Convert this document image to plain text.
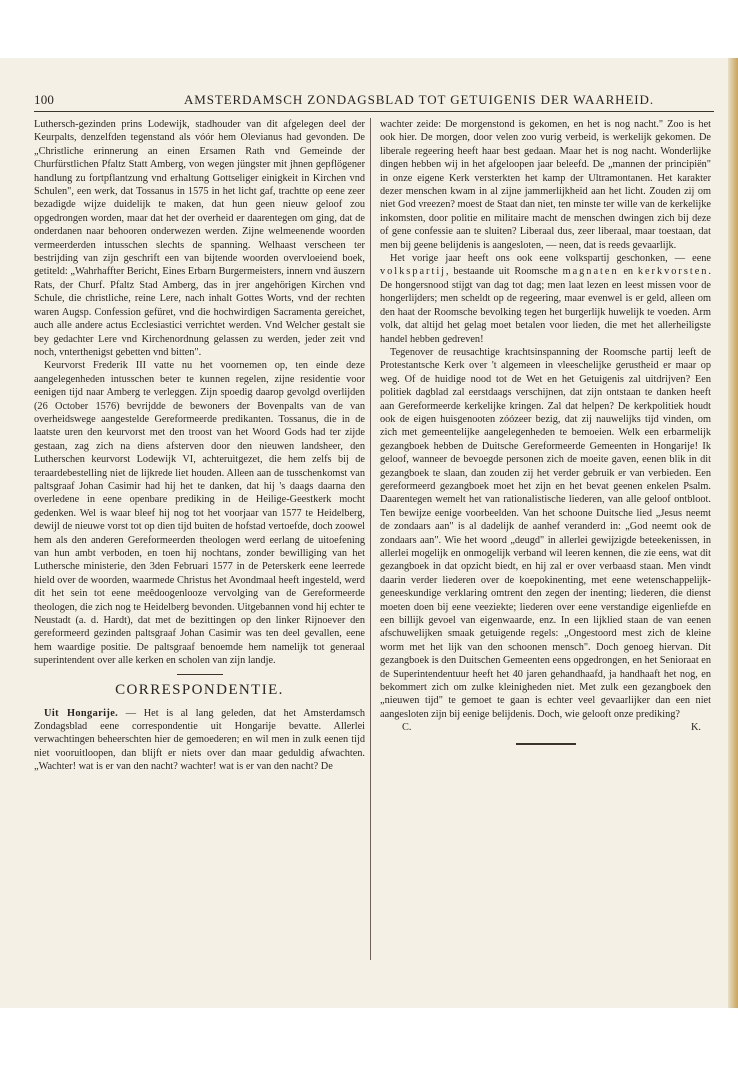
100	AMSTERDAMSCH ZONDAGSBLAD TOT GETUIGENIS DER WAARHEID.

Luthersch-gezinden prins Lodewijk, stadhouder van dit afgelegen deel der Keurpalts, denzelfden tegenstand als vóór hem Olevianus had gevonden. De „Christliche erinnerung an einen Ersamen Rath vnd Gemeinde der Churfürstlichen Pfaltz Statt Amberg, von wegen jüngster mit jhnen gepflögener handlung zu fortpflantzung vnd erhaltung Gottseliger einigkeit in Kirchen vnd Schulen", een werk, dat Tossanus in 1575 in het licht gaf, trachtte op eene zeer bezadigde wijze duidelijk te maken, dat hun geen nieuw geloof zou opgedrongen worden, maar dat het der overheid er daarentegen om ging, dat de onderdanen naar behooren onderwezen werden. Zijne welmeenende woorden vermeerderden intusschen slechts de spanning. Welhaast verscheen ter bestrijding van zijn geschrift een van bijtende woorden overvloeiend boek, getiteld: „Wahrhaffter Bericht, Eines Erbarn Burgermeisters, innern vnd äuszern Rats, der Churf. Pfaltz Stad Amberg, das in jrer angehörigen Kirchen vnd Schule, die christliche, reine Lere, nach inhalt Gottes Worts, vnd der rechten waren Augsp. Confession gefüret, vnd die hochwirdigen Sacramenta gereichet, auch alle andere actus Ecclesiastici verrichtet werden. Vnd Welcher gestalt sie bey gedachter Lere vnd Kirchenordnung gelassen zu werden, jeder zeit vnd noch, vnterthenigst gebetten vnd bitten".

Keurvorst Frederik III vatte nu het voornemen op, ten einde deze aangelegenheden intusschen beter te kunnen regelen, zijne residentie voor eenigen tijd naar Amberg te verleggen. Zijn spoedig daarop gevolgd overlijden (26 October 1576) bevrijdde de bewoners der Bovenpalts van de van overheidswege aangestelde Gereformeerde predikanten. Tossanus, die in de laatste uren den keurvorst met den troost van het Woord Gods had ter zijde gestaan, zag zich na diens afsterven door den nieuwen landsheer, den Lutherschen keurvorst Lodewijk VI, achteruitgezet, die hem zelfs bij de teraardebestelling niet de lijkrede liet houden. Alleen aan de tusschenkomst van paltsgraaf Johan Casimir had hij het te danken, dat hij 's daags daarna den overledene in eene openbare prediking in de Heilige-Geestkerk mocht gedenken. Wel is waar bleef hij nog tot het voorjaar van 1577 te Heidelberg, dewijl de nieuwe vorst tot op dien tijd buiten de hofstad vertoefde, doch zoowel hem als den anderen Gereformeerden theologen werd eerlang de uitoefening van hun ambt verboden, en toen hij nochtans, zonder bewilliging van het Luthersche ministerie, den 3den Februari 1577 in de Peterskerk eene leerrede hield over de woorden, waarmede Christus het Avondmaal heeft ingesteld, werd dit het sein tot eene meêdoogenlooze vervolging van de Gereformeerde theologen, die zich nog te Heidelberg bevonden. Uitgebannen vond hij echter te Neustadt (a. d. Hardt), dat met de bezittingen op den linker Rijnoever den gereformeerd gezinden paltsgraaf Johan Casimir was ten deel gevallen, eene hem waardige positie. De paltsgraaf benoemde hem namelijk tot generaal superintendent over alle kerken en scholen van zijn landje.

CORRESPONDENTIE.

Uit Hongarije. — Het is al lang geleden, dat het Amsterdamsch Zondagsblad eene correspondentie uit Hongarije bevatte. Allerlei verwachtingen beheerschten hier de gemoederen; en wil men in zulk eenen tijd niet vooruitloopen, dan blijft er niets over dan maar geduldig afwachten. „Wachter! wat is er van den nacht? wachter! wat is er van den nacht? De

wachter zeide: De morgenstond is gekomen, en het is nog nacht." Zoo is het ook hier. De morgen, door velen zoo vurig verbeid, is werkelijk gekomen. De liberale regeering heeft haar best gedaan. Maar het is nog nacht. Wonderlijke dingen hebben wij in het afgeloopen jaar beleefd. De „mannen der principiën" in onze eigene Kerk versterkten het kamp der Ultramontanen. Het karakter dezer menschen kwam in al zijne jammerlijkheid aan het licht. Zouden zij om niet God vreezen? moest de Staat dan niet, ten minste ter wille van de kerkelijke inkomsten, door politie en militaire macht de menschen dwingen zich bij deze of gene confessie aan te sluiten? Liberaal dus, zeer liberaal, maar toestaan, dat men bij geene belijdenis is aangesloten, — neen, dat is reeds gevaarlijk.

Het vorige jaar heeft ons ook eene volkspartij geschonken, — eene volkspartij, bestaande uit Roomsche magnaten en kerkvorsten. De hongersnood stijgt van dag tot dag; men laat lezen en leest missen voor de hongerlijders; men scheldt op de regeering, maar evenwel is er geld, alleen om den haat der Roomsche bevolking tegen het burgerlijk huwelijk te voeden. Arm volk, dat altijd het gelag moet betalen voor lieden, die met het allerheiligste handel hebben gedreven!

Tegenover de reusachtige krachtsinspanning der Roomsche partij leeft de Protestantsche Kerk over 't algemeen in vleeschelijke gerustheid er maar op weg. Of de huidige nood tot de Wet en het Getuigenis zal uitdrijven? Een politiek dagblad zal eerstdaags verschijnen, dat zijn ontstaan te danken heeft aan Gereformeerde kerkelijke kringen. Zal dat helpen? De kerkpolitiek houdt ook de eigen huisgenooten zóózeer bezig, dat zij nauwelijks tijd vinden, om zich met gemeentelijke aangelegenheden te bemoeien. Welk een erbarmelijk gezangboek hebben de Duitsche Gereformeerde Gemeenten in Hongarije! Ik geloof, wanneer de bevoegde personen zich de moeite gaven, eenen blik in dit gezangboek te slaan, dan zouden zij het verder gebruik er van verbieden. Een gereformeerd gezangboek moet het zijn en het bevat geenen enkelen Psalm. Daarentegen wemelt het van rationalistische liederen, van alle geloof ontbloot. Ten bewijze eenige voorbeelden. Van het schoone Duitsche lied „Jesus neemt de zondaars aan" is al dadelijk de aanhef veranderd in: „God neemt ook de zondaars aan". Wie het woord „deugd" in allerlei gewijzigde beteekenissen, in allerlei mogelijk en onmogelijk verband wil leeren kennen, die zie eens, wat dit gezangboek in dat opzicht biedt, en hij zal er over verbaasd staan. Men vindt daarin verder liederen over de koepokinenting, met eene wetenschappelijk-geneeskundige verklaring omtrent den zegen der inenting; liederen, die dienst moeten doen bij eene veeziekte; liederen over eene verstandige eigenliefde en een billijk gevoel van eigenwaarde, enz. In een lijklied staan de van eenen afschuwelijken smaak getuigende regels: „Ongestoord mest zich de kleine worm met het lijk van den schoonen mensch". Doch genoeg hiervan. Dit gezangboek is den Duitschen Gemeenten eens opgedrongen, en het Senioraat en de Superintendentuur heeft het 40 jaren gehandhaafd, ja handhaaft het nog, en bekommert zich om zulke kleinigheden niet. Met zulk een gezangboek den „nieuwen tijd" te gemoet te gaan is echter veel gevaarlijker dan een niet aangesloten zijn bij eenige belijdenis. Doch, wie gelooft onze prediking?

C.	K.
